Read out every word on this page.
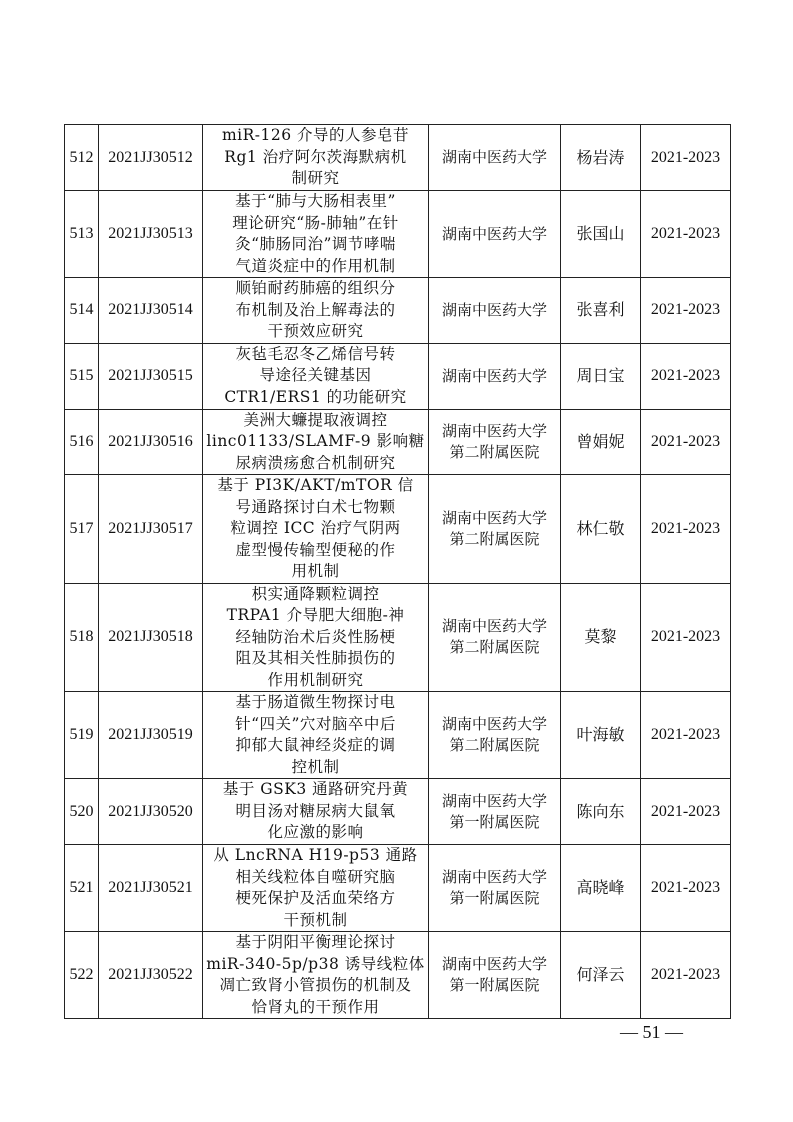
512	2021JJ30512	miR-126 介导的人参皂苷
Rg1 治疗阿尔茨海默病机
制研究	湖南中医药大学	杨岩涛	2021-2023
513	2021JJ30513	基于“肺与大肠相表里”
理论研究“肠-肺轴”在针
灸“肺肠同治”调节哮喘
气道炎症中的作用机制	湖南中医药大学	张国山	2021-2023
514	2021JJ30514	顺铂耐药肺癌的组织分
布机制及治上解毒法的
干预效应研究	湖南中医药大学	张喜利	2021-2023
515	2021JJ30515	灰毡毛忍冬乙烯信号转
导途径关键基因
CTR1/ERS1 的功能研究	湖南中医药大学	周日宝	2021-2023
516	2021JJ30516	美洲大蠊提取液调控
linc01133/SLAMF-9 影响糖
尿病溃疡愈合机制研究	湖南中医药大学
第二附属医院	曾娟妮	2021-2023
517	2021JJ30517	基于 PI3K/AKT/mTOR 信
号通路探讨白术七物颗
粒调控 ICC 治疗气阴两
虚型慢传输型便秘的作
用机制	湖南中医药大学
第二附属医院	林仁敬	2021-2023
518	2021JJ30518	枳实通降颗粒调控
TRPA1 介导肥大细胞-神
经轴防治术后炎性肠梗
阻及其相关性肺损伤的
作用机制研究	湖南中医药大学
第二附属医院	莫黎	2021-2023
519	2021JJ30519	基于肠道微生物探讨电
针“四关”穴对脑卒中后
抑郁大鼠神经炎症的调
控机制	湖南中医药大学
第二附属医院	叶海敏	2021-2023
520	2021JJ30520	基于 GSK3 通路研究丹黄
明目汤对糖尿病大鼠氧
化应激的影响	湖南中医药大学
第一附属医院	陈向东	2021-2023
521	2021JJ30521	从 LncRNA H19-p53 通路
相关线粒体自噬研究脑
梗死保护及活血荣络方
干预机制	湖南中医药大学
第一附属医院	高晓峰	2021-2023
522	2021JJ30522	基于阴阳平衡理论探讨
miR-340-5p/p38 诱导线粒体
凋亡致肾小管损伤的机制及
恰肾丸的干预作用	湖南中医药大学
第一附属医院	何泽云	2021-2023
— 51 —
